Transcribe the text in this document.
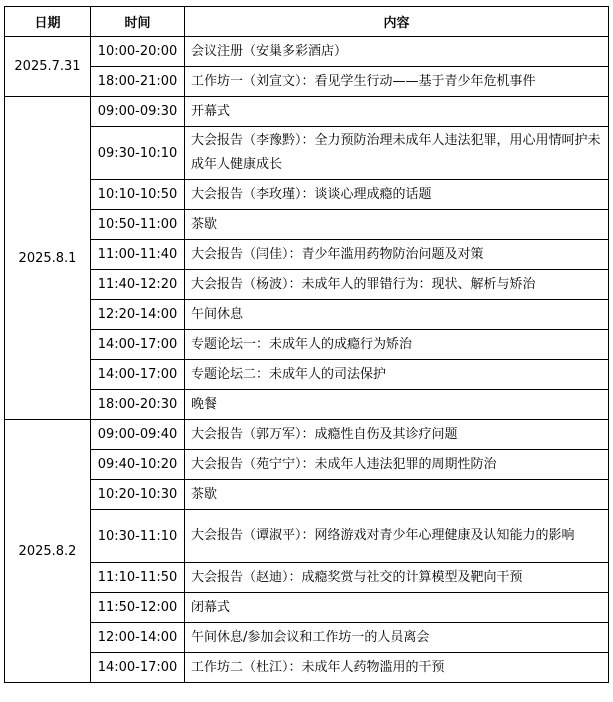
日期	时间	内容
2025.7.31	10:00-20:00	会议注册（安巢多彩酒店）
	18:00-21:00	工作坊一（刘宣文）：看见学生行动——基于青少年危机事件
2025.8.1	09:00-09:30	开幕式
	09:30-10:10	大会报告（李豫黔）：全力预防治理未成年人违法犯罪，用心用情呵护未成年人健康成长
	10:10-10:50	大会报告（李玫瑾）：谈谈心理成瘾的话题
	10:50-11:00	茶歇
	11:00-11:40	大会报告（闫佳）：青少年滥用药物防治问题及对策
	11:40-12:20	大会报告（杨波）：未成年人的罪错行为：现状、解析与矫治
	12:20-14:00	午间休息
	14:00-17:00	专题论坛一：未成年人的成瘾行为矫治
	14:00-17:00	专题论坛二：未成年人的司法保护
	18:00-20:30	晚餐
2025.8.2	09:00-09:40	大会报告（郭万军）：成瘾性自伤及其诊疗问题
	09:40-10:20	大会报告（苑宁宁）：未成年人违法犯罪的周期性防治
	10:20-10:30	茶歇
	10:30-11:10	大会报告（谭淑平）：网络游戏对青少年心理健康及认知能力的影响
	11:10-11:50	大会报告（赵迪）：成瘾奖赏与社交的计算模型及靶向干预
	11:50-12:00	闭幕式
	12:00-14:00	午间休息/参加会议和工作坊一的人员离会
	14:00-17:00	工作坊二（杜江）：未成年人药物滥用的干预
